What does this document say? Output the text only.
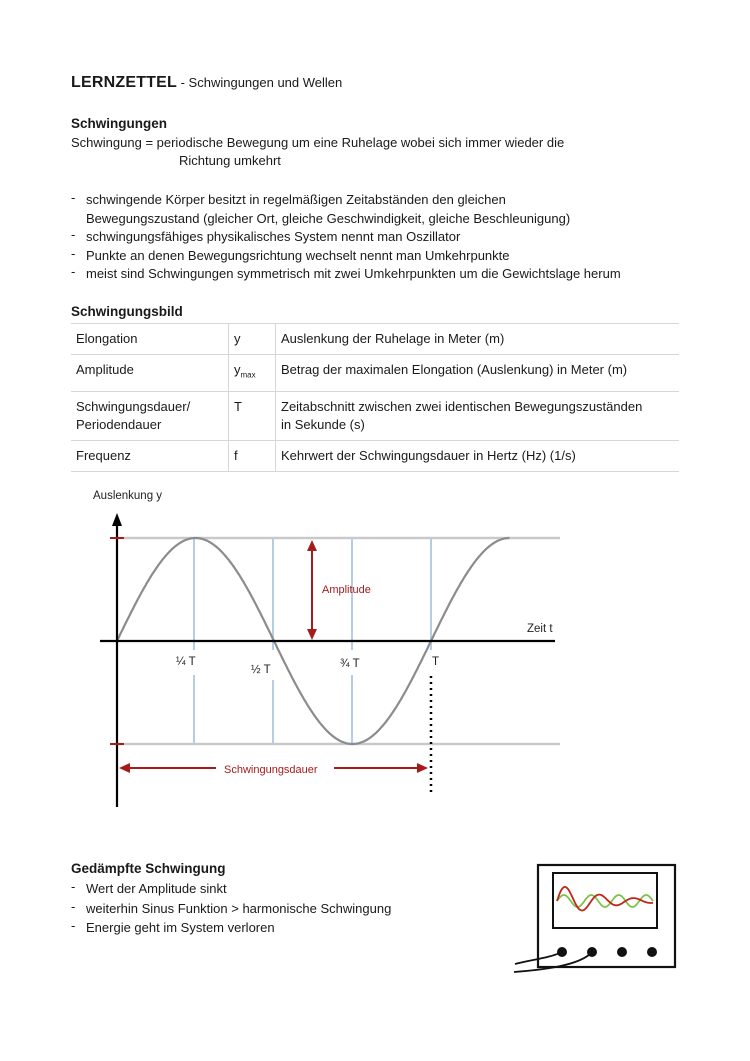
LERNZETTEL - Schwingungen und Wellen
Schwingungen
Schwingung = periodische Bewegung um eine Ruhelage wobei sich immer wieder die
Richtung umkehrt
- schwingende Körper besitzt in regelmäßigen Zeitabständen den gleichen
Bewegungszustand (gleicher Ort, gleiche Geschwindigkeit, gleiche Beschleunigung)
- schwingungsfähiges physikalisches System nennt man Oszillator
- Punkte an denen Bewegungsrichtung wechselt nennt man Umkehrpunkte
- meist sind Schwingungen symmetrisch mit zwei Umkehrpunkten um die Gewichtslage herum
Schwingungsbild
Elongation	y	Auslenkung der Ruhelage in Meter (m)
Amplitude	$y_{max}$	Betrag der maximalen Elongation (Auslenkung) in Meter (m)
Schwingungsdauer/
Periodendauer	T	Zeitabschnitt zwischen zwei identischen Bewegungszuständen
in Sekunde (s)
Frequenz	f	Kehrwert der Schwingungsdauer in Hertz (Hz) (1/s)
Amplitude
Schwingungsdauer
Auslenkung y
Zeit t
¼ T
½ T	¾ T	T
Gedämpfte Schwingung
- Wert der Amplitude sinkt
- weiterhin Sinus Funktion > harmonische Schwingung
- Energie geht im System verloren
